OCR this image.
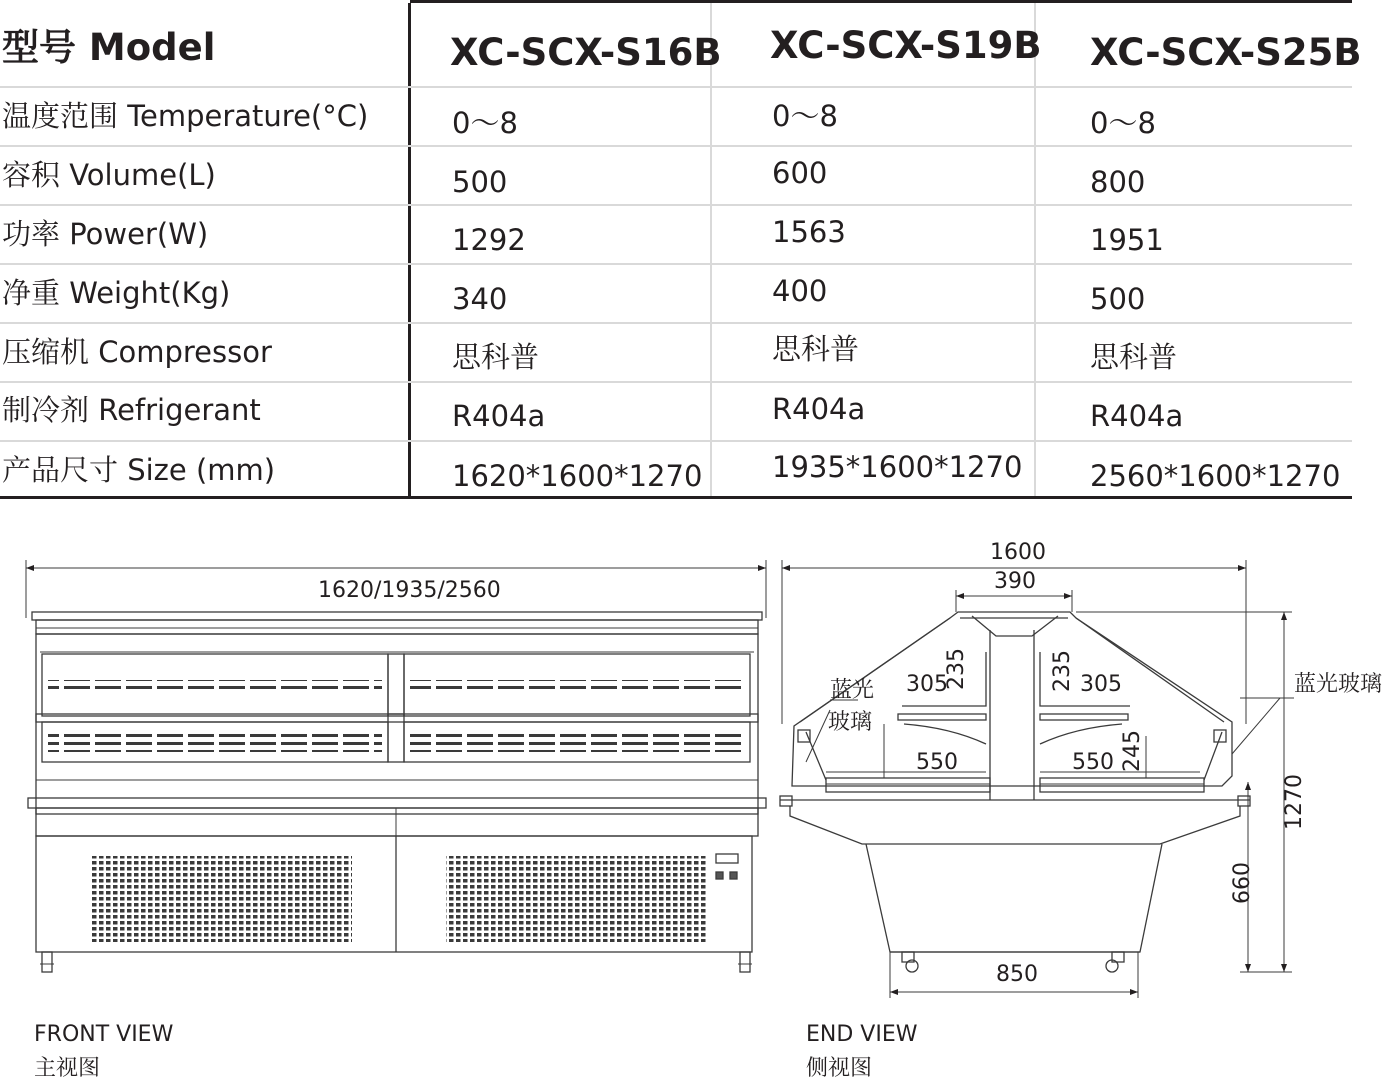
型号 Model	XC-SCX-S16B XC-SCX-S19B XC-SCX-S25B
温度范围 Temperature(°C)	0～8	0～8	0～8
容积 Volume(L)	500	600	800
功率 Power(W)	1292	1563	1951
净重 Weight(Kg)	340	400	500
压缩机 Compressor	思科普	思科普	思科普
制冷剂 Refrigerant	R404a	R404a	R404a
产品尺寸 Size (mm)	1620*1600*1270 1935*1600*1270 2560*1600*1270
1620/1935/2560
FRONT VIEW
主视图
1600
390
305
235	235 305
550	550 245
蓝光
玻璃
蓝光玻璃
1270
660
850
END VIEW
侧视图
